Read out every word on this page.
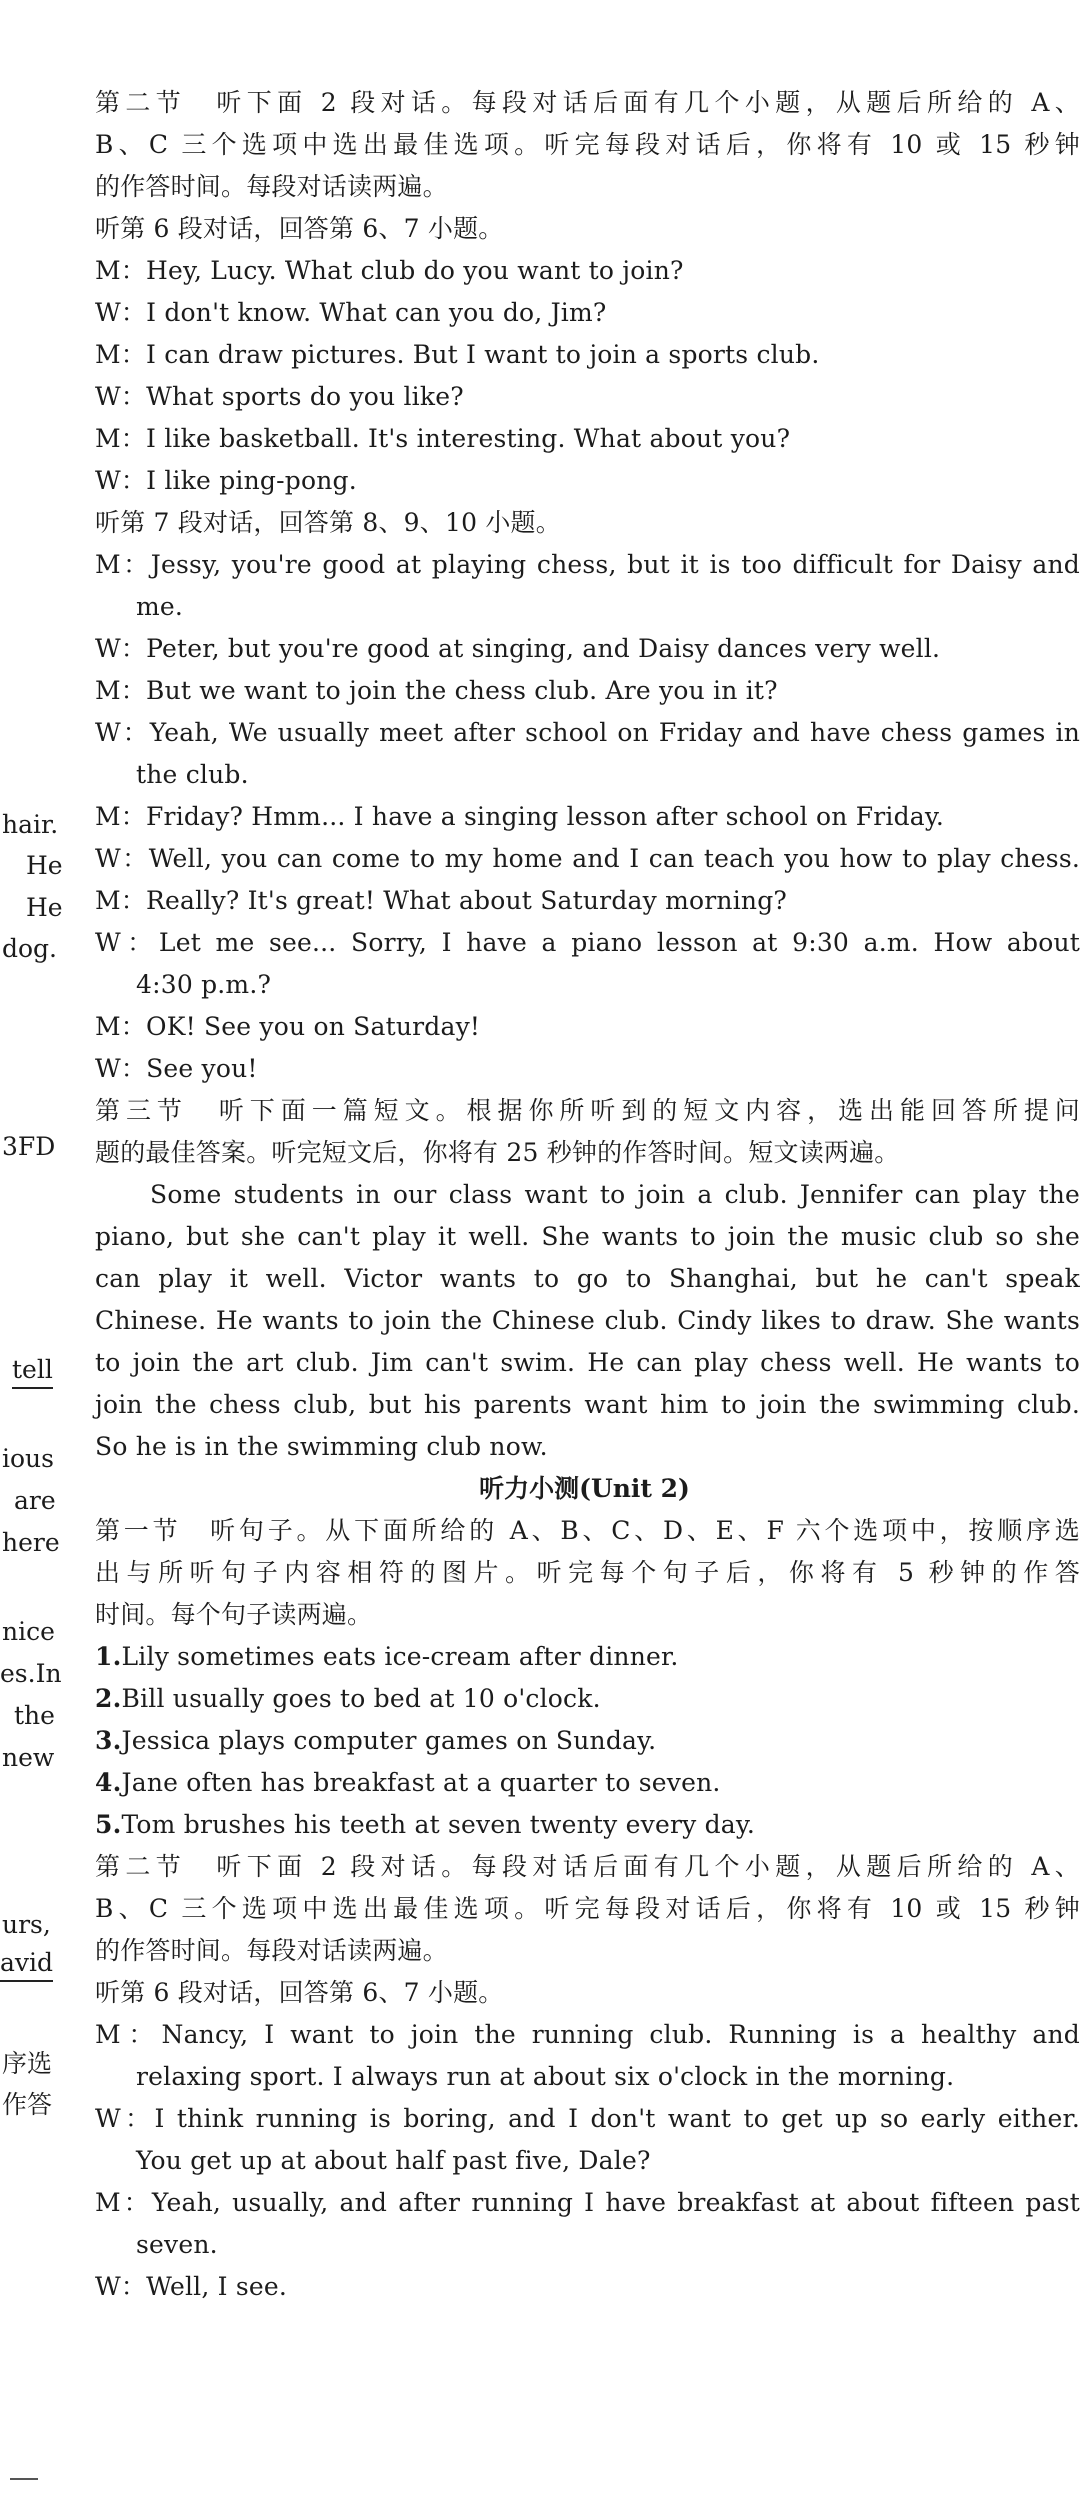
hair.
He
He
dog.
3FD
tell
ious
are
here
nice
es.In
the
new
urs,
avid
序选
作答
第二节　听下面 2 段对话。每段对话后面有几个小题，从题后所给的 A、
B、C 三个选项中选出最佳选项。听完每段对话后，你将有 10 或 15 秒钟
的作答时间。每段对话读两遍。
听第 6 段对话，回答第 6、7 小题。
M：Hey, Lucy. What club do you want to join?
W：I don't know. What can you do, Jim?
M：I can draw pictures. But I want to join a sports club.
W：What sports do you like?
M：I like basketball. It's interesting. What about you?
W：I like ping-pong.
听第 7 段对话，回答第 8、9、10 小题。
M：Jessy, you're good at playing chess, but it is too difficult for Daisy and
me.
W：Peter, but you're good at singing, and Daisy dances very well.
M：But we want to join the chess club. Are you in it?
W：Yeah, We usually meet after school on Friday and have chess games in
the club.
M：Friday? Hmm... I have a singing lesson after school on Friday.
W：Well, you can come to my home and I can teach you how to play chess.
M：Really? It's great! What about Saturday morning?
W：Let me see... Sorry, I have a piano lesson at 9:30 a.m. How about
4:30 p.m.?
M：OK! See you on Saturday!
W：See you!
第三节　听下面一篇短文。根据你所听到的短文内容，选出能回答所提问
题的最佳答案。听完短文后，你将有 25 秒钟的作答时间。短文读两遍。
Some students in our class want to join a club. Jennifer can play the
piano, but she can't play it well. She wants to join the music club so she
can play it well. Victor wants to go to Shanghai, but he can't speak
Chinese. He wants to join the Chinese club. Cindy likes to draw. She wants
to join the art club. Jim can't swim. He can play chess well. He wants to
join the chess club, but his parents want him to join the swimming club.
So he is in the swimming club now.
听力小测(Unit 2)
第一节　听句子。从下面所给的 A、B、C、D、E、F 六个选项中，按顺序选
出与所听句子内容相符的图片。听完每个句子后，你将有 5 秒钟的作答
时间。每个句子读两遍。
1.Lily sometimes eats ice-cream after dinner.
2.Bill usually goes to bed at 10 o'clock.
3.Jessica plays computer games on Sunday.
4.Jane often has breakfast at a quarter to seven.
5.Tom brushes his teeth at seven twenty every day.
第二节　听下面 2 段对话。每段对话后面有几个小题，从题后所给的 A、
B、C 三个选项中选出最佳选项。听完每段对话后，你将有 10 或 15 秒钟
的作答时间。每段对话读两遍。
听第 6 段对话，回答第 6、7 小题。
M：Nancy, I want to join the running club. Running is a healthy and
relaxing sport. I always run at about six o'clock in the morning.
W：I think running is boring, and I don't want to get up so early either.
You get up at about half past five, Dale?
M：Yeah, usually, and after running I have breakfast at about fifteen past
seven.
W：Well, I see.
